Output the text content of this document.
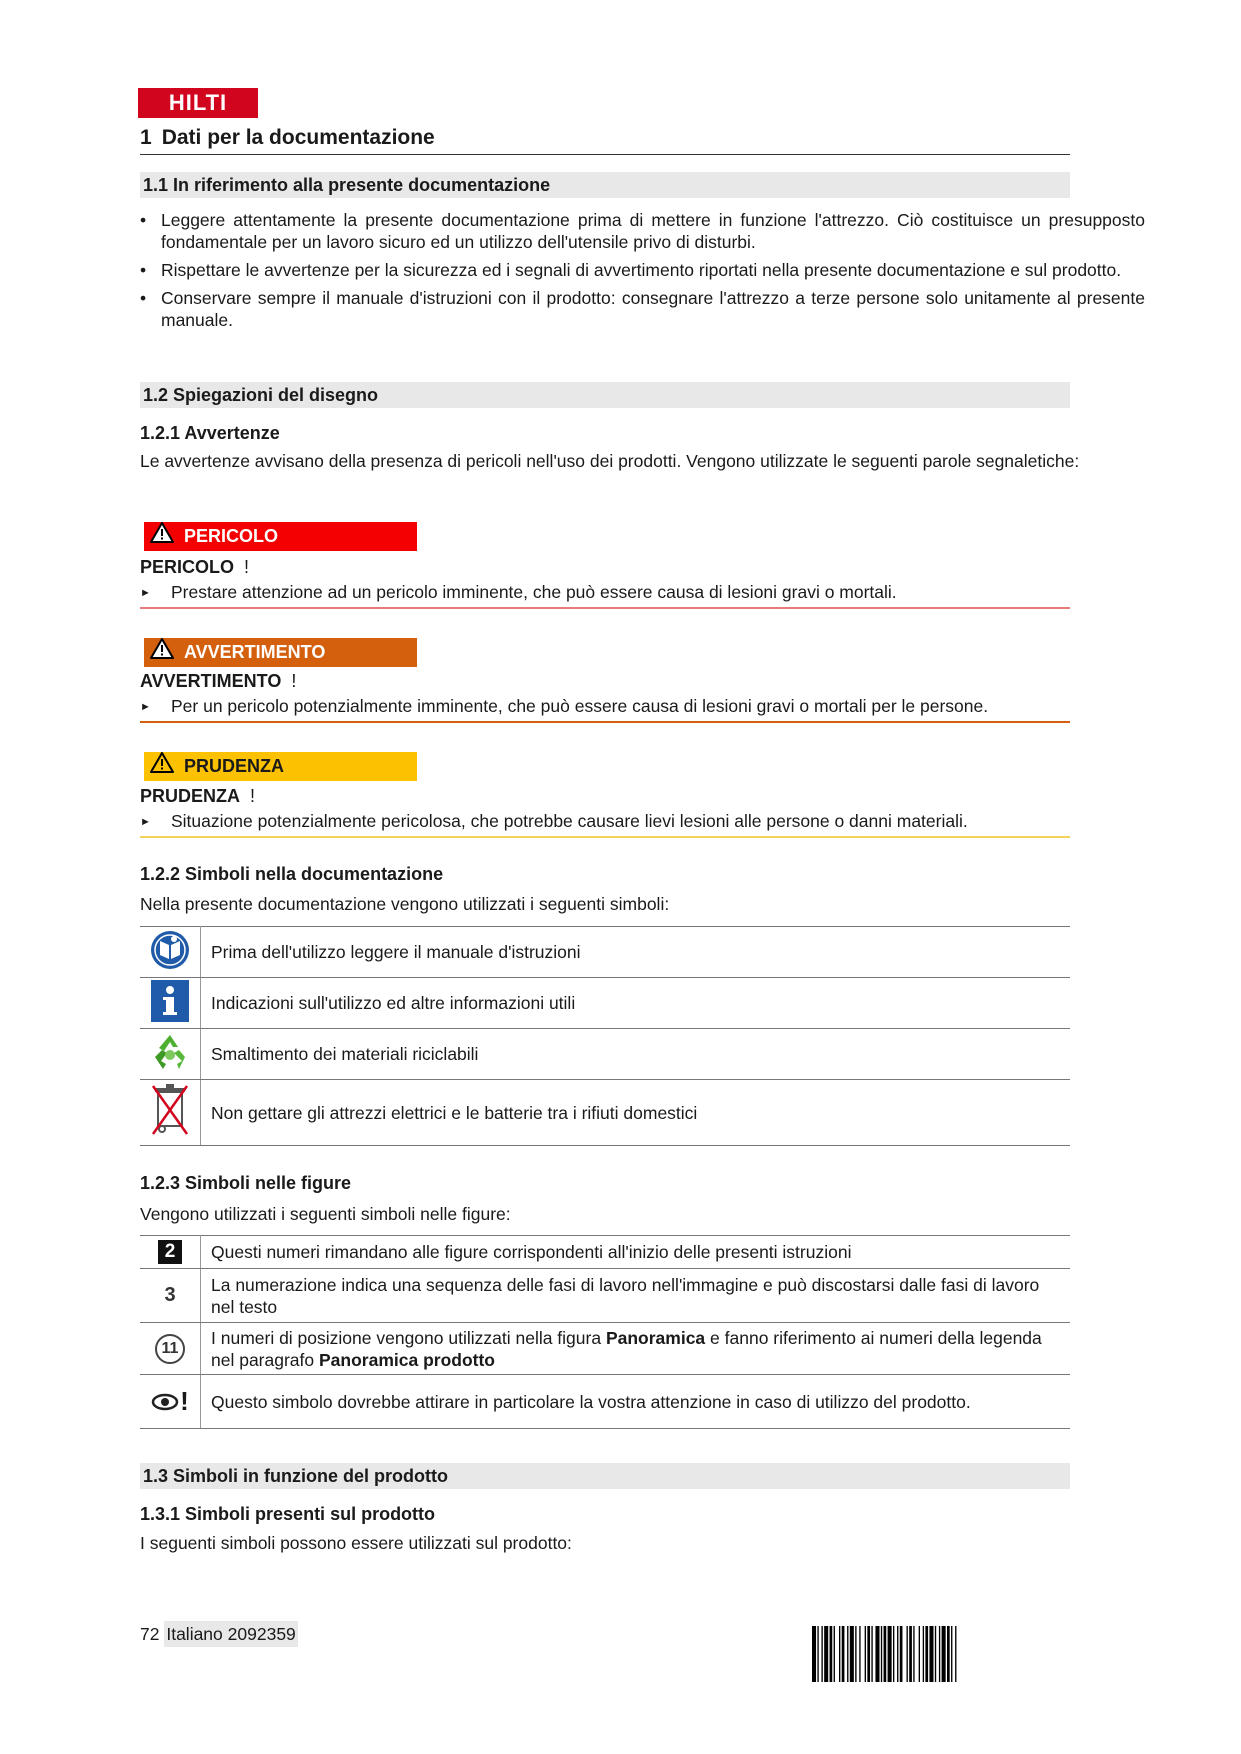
HILTI
1 Dati per la documentazione
1.1 In riferimento alla presente documentazione
• Leggere attentamente la presente documentazione prima di mettere in funzione l'attrezzo. Ciò costituisce un presupposto fondamentale per un lavoro sicuro ed un utilizzo dell'utensile privo di disturbi.
• Rispettare le avvertenze per la sicurezza ed i segnali di avvertimento riportati nella presente documentazione e sul prodotto.
• Conservare sempre il manuale d'istruzioni con il prodotto: consegnare l'attrezzo a terze persone solo unitamente al presente manuale.
1.2 Spiegazioni del disegno
1.2.1 Avvertenze
Le avvertenze avvisano della presenza di pericoli nell'uso dei prodotti. Vengono utilizzate le seguenti parole segnaletiche:
PERICOLO
PERICOLO !
► Prestare attenzione ad un pericolo imminente, che può essere causa di lesioni gravi o mortali.
AVVERTIMENTO
AVVERTIMENTO !
► Per un pericolo potenzialmente imminente, che può essere causa di lesioni gravi o mortali per le persone.
PRUDENZA
PRUDENZA !
► Situazione potenzialmente pericolosa, che potrebbe causare lievi lesioni alle persone o danni materiali.
1.2.2 Simboli nella documentazione
Nella presente documentazione vengono utilizzati i seguenti simboli:
	Prima dell'utilizzo leggere il manuale d'istruzioni
	Indicazioni sull'utilizzo ed altre informazioni utili
	Smaltimento dei materiali riciclabili
	Non gettare gli attrezzi elettrici e le batterie tra i rifiuti domestici
1.2.3 Simboli nelle figure
Vengono utilizzati i seguenti simboli nelle figure:
2	Questi numeri rimandano alle figure corrispondenti all'inizio delle presenti istruzioni
3	La numerazione indica una sequenza delle fasi di lavoro nell'immagine e può discostarsi dalle fasi di lavoro nel testo
11	I numeri di posizione vengono utilizzati nella figura Panoramica e fanno riferimento ai numeri della legenda nel paragrafo Panoramica prodotto

!	Questo simbolo dovrebbe attirare in particolare la vostra attenzione in caso di utilizzo del prodotto.
1.3 Simboli in funzione del prodotto
1.3.1 Simboli presenti sul prodotto
I seguenti simboli possono essere utilizzati sul prodotto:
72 Italiano 2092359
